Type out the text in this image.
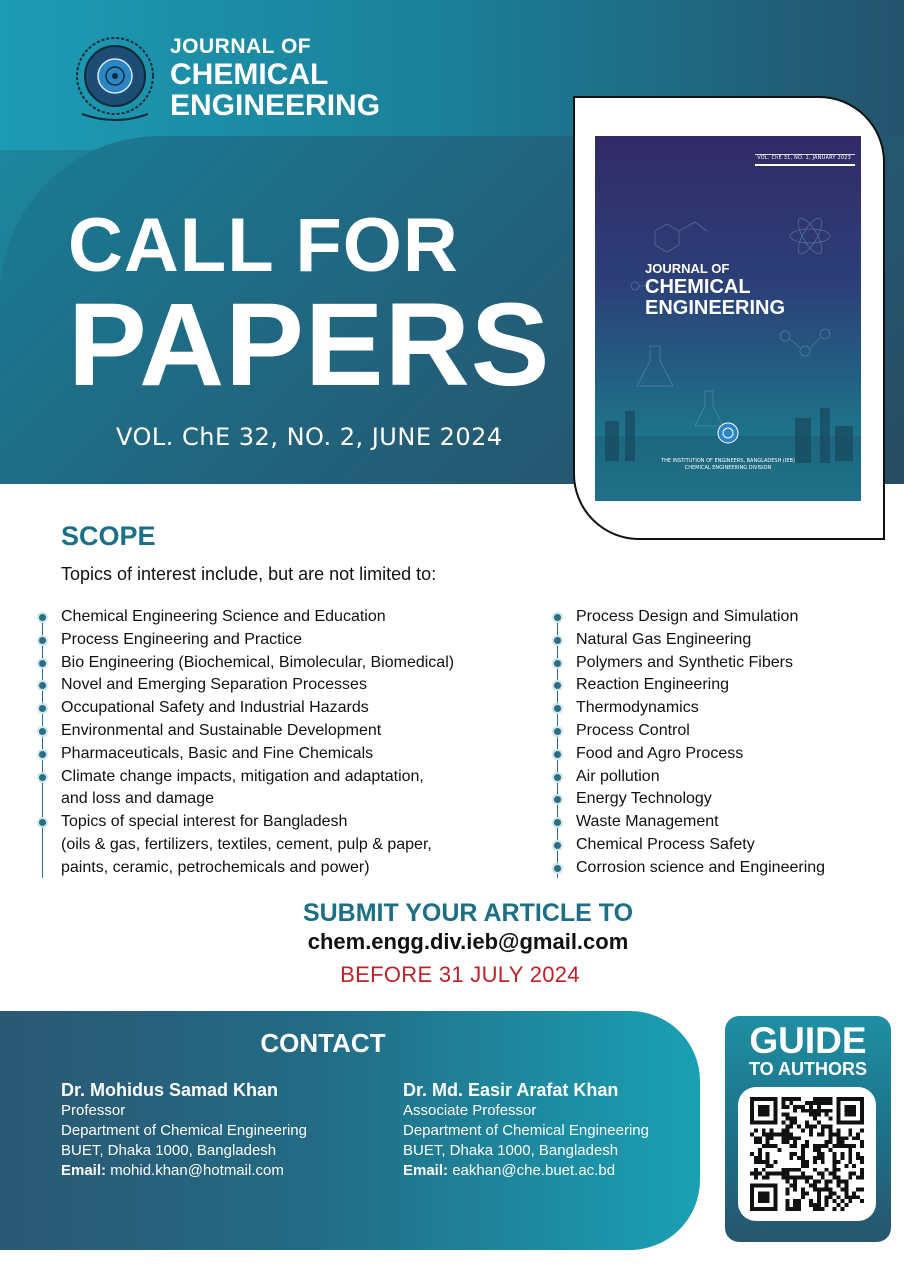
JOURNAL OF
CHEMICAL
ENGINEERING
CALL FOR
PAPERS
VOL. ChE 32, NO. 2, JUNE 2024
VOL. ChE 31, NO. 1, JANUARY 2023
JOURNAL OF
CHEMICAL
ENGINEERING
THE INSTITUTION OF ENGINEERS, BANGLADESH (IEB)
CHEMICAL ENGINEERING DIVISION
SCOPE
Topics of interest include, but are not limited to:
Chemical Engineering Science and Education
Process Engineering and Practice
Bio Engineering (Biochemical, Bimolecular, Biomedical)
Novel and Emerging Separation Processes
Occupational Safety and Industrial Hazards
Environmental and Sustainable Development
Pharmaceuticals, Basic and Fine Chemicals
Climate change impacts, mitigation and adaptation,
and loss and damage
Topics of special interest for Bangladesh
(oils & gas, fertilizers, textiles, cement, pulp & paper,
paints, ceramic, petrochemicals and power)
Process Design and Simulation
Natural Gas Engineering
Polymers and Synthetic Fibers
Reaction Engineering
Thermodynamics
Process Control
Food and Agro Process
Air pollution
Energy Technology
Waste Management
Chemical Process Safety
Corrosion science and Engineering
SUBMIT YOUR ARTICLE TO
chem.engg.div.ieb@gmail.com
BEFORE 31 JULY 2024
CONTACT
Dr. Mohidus Samad Khan
Professor
Department of Chemical Engineering
BUET, Dhaka 1000, Bangladesh
Email: mohid.khan@hotmail.com
Dr. Md. Easir Arafat Khan
Associate Professor
Department of Chemical Engineering
BUET, Dhaka 1000, Bangladesh
Email: eakhan@che.buet.ac.bd
GUIDE
TO AUTHORS
